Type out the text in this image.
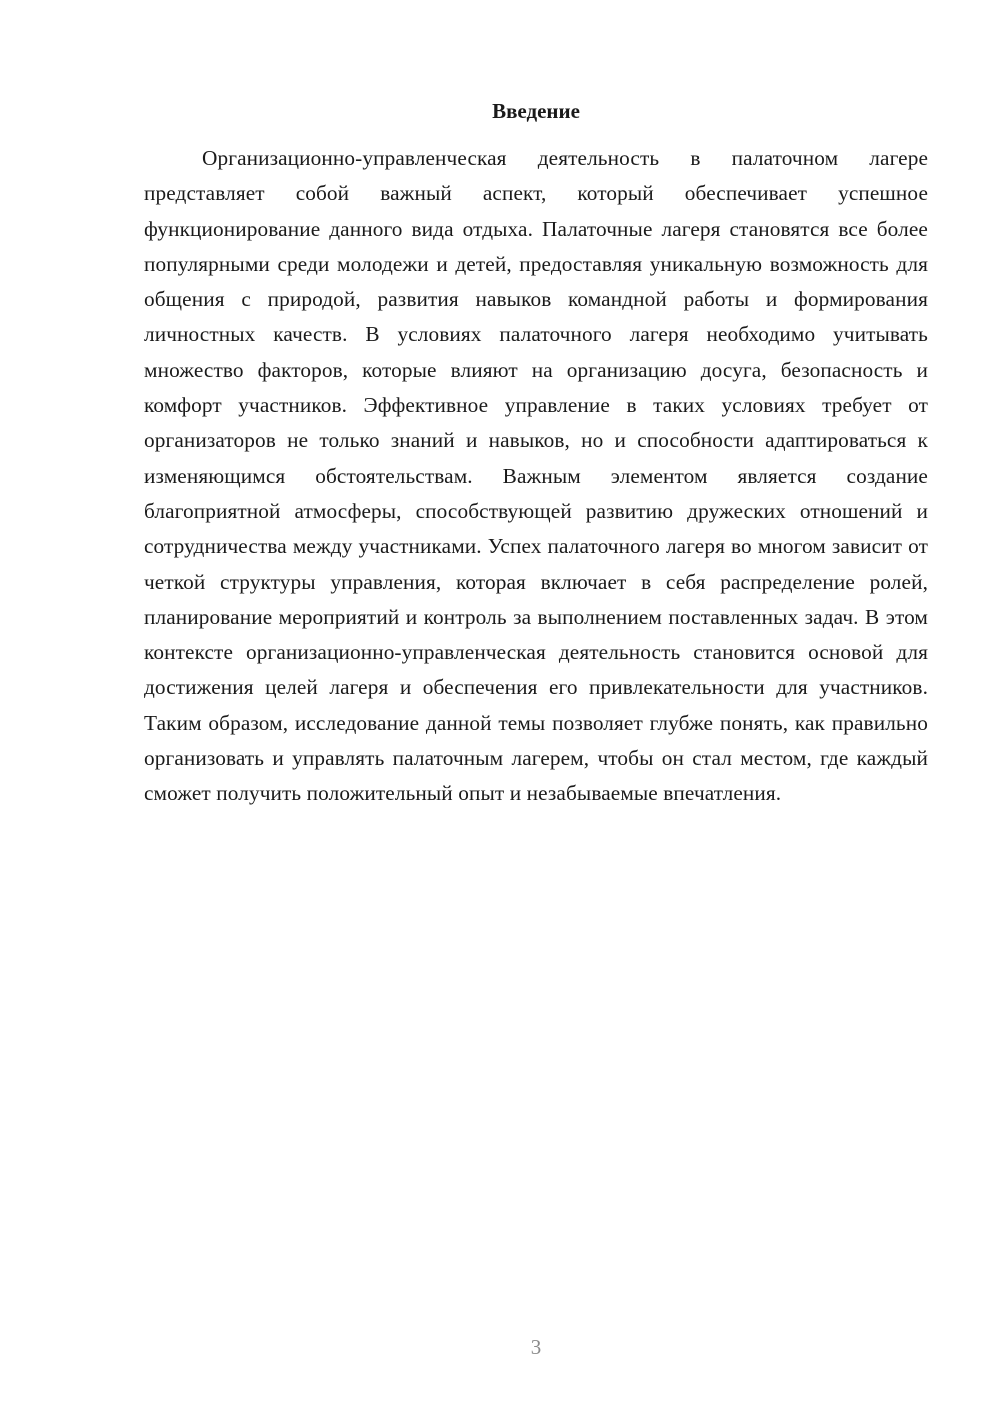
Введение

Организационно-управленческая деятельность в палаточном лагере представляет собой важный аспект, который обеспечивает успешное функционирование данного вида отдыха. Палаточные лагеря становятся все более популярными среди молодежи и детей, предоставляя уникальную возможность для общения с природой, развития навыков командной работы и формирования личностных качеств. В условиях палаточного лагеря необходимо учитывать множество факторов, которые влияют на организацию досуга, безопасность и комфорт участников. Эффективное управление в таких условиях требует от организаторов не только знаний и навыков, но и способности адаптироваться к изменяющимся обстоятельствам. Важным элементом является создание благоприятной атмосферы, способствующей развитию дружеских отношений и сотрудничества между участниками. Успех палаточного лагеря во многом зависит от четкой структуры управления, которая включает в себя распределение ролей, планирование мероприятий и контроль за выполнением поставленных задач. В этом контексте организационно-управленческая деятельность становится основой для достижения целей лагеря и обеспечения его привлекательности для участников. Таким образом, исследование данной темы позволяет глубже понять, как правильно организовать и управлять палаточным лагерем, чтобы он стал местом, где каждый сможет получить положительный опыт и незабываемые впечатления.

3
